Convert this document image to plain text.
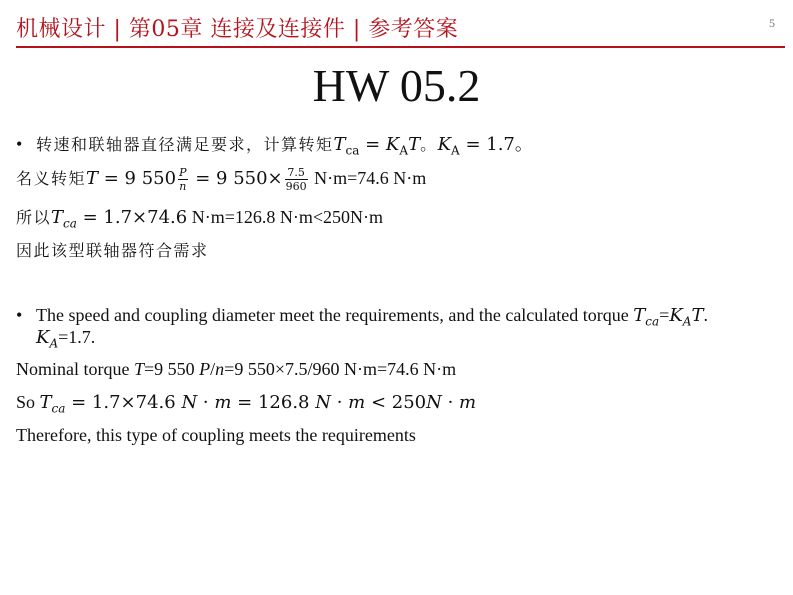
机械设计 | 第05章 连接及连接件 | 参考答案	5
HW 05.2
• 转速和联轴器直径满足要求，计算转矩$T_{ca} = K_AT$。$K_A = 1.7$。
名义转矩T = 9 $550 \frac{P}{n} = 9$ $550\times \frac{7.5}{960} N\cdot m=74.6$ N·m
所以$T_{ca} = 1.7\times 74.6$ N·m=126.8 N·m<250N·m
因此该型联轴器符合需求
• The speed and coupling diameter meet the requirements, and the calculated torque $T_{ca}=K_AT$.
$K_A=1.7$.
Nominal torque T=9 550 P/n=9 550×7.5/960 N·m=74.6 N·m
So $T_{ca} = 1.7\times 74.6$ N · m = 126.8 N · m < 250N · m
Therefore, this type of coupling meets the requirements
